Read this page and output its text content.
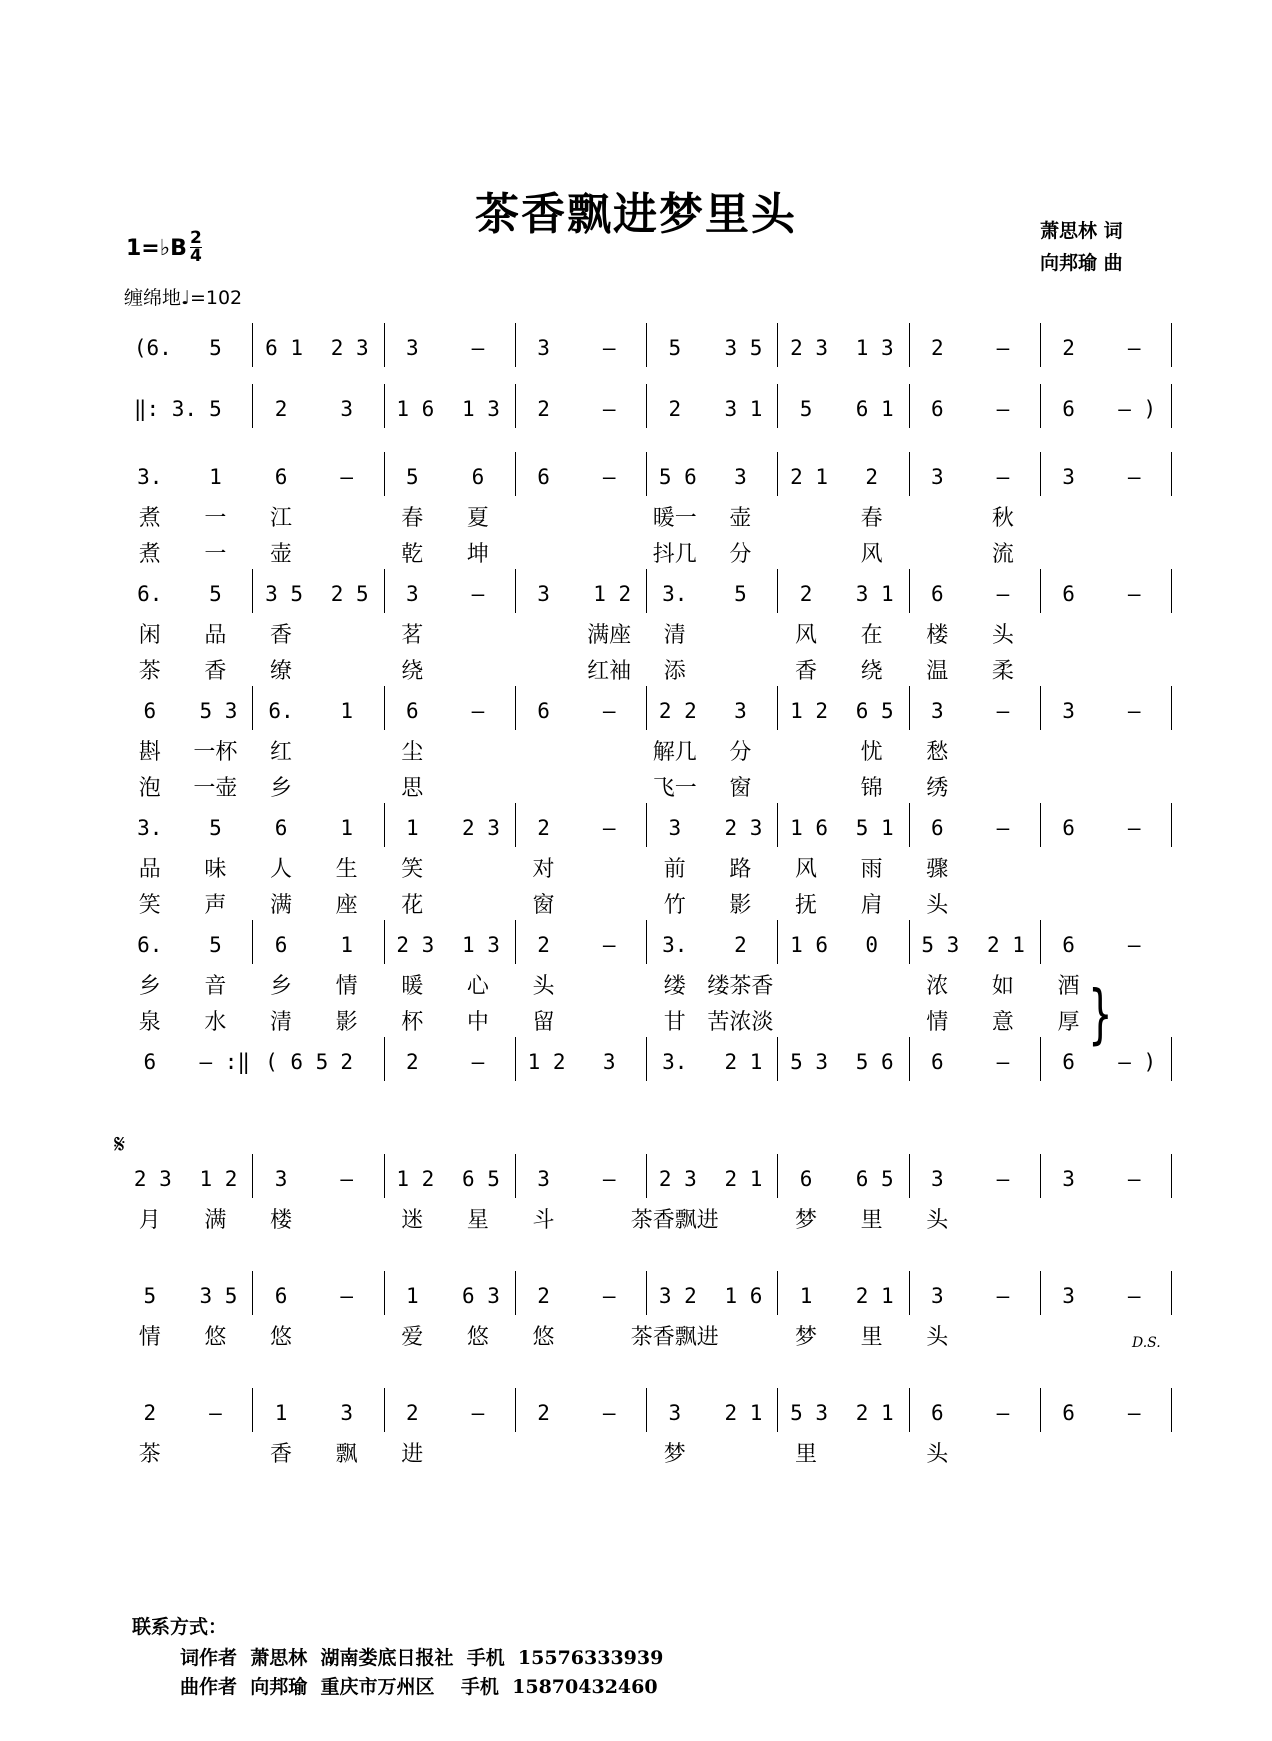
茶香飘进梦里头	萧思林 词
向邦瑜 曲
1=♭B 2
4
缠绵地♩=102
(6.	5	6 1 2 3	3	–	3	–	5	3 5 2 3 1 3	2	–	2	–
‖: 3. 5	2	3	1 6 1 3	2	–	2	3 1	5	6 1	6	–	6	– )
3.	1	6	–	5	6	6	–	5 6	3	2 1	2	3	–	3	–
煮	一	江	春	夏	暖一	壶	春	秋
煮	一	壶	乾	坤	抖几	分	风	流
6.	5	3 5 2 5	3	–	3	1 2 3.	5	2	3 1	6	–	6	–
闲	品	香	茗	满座	清	风	在	楼	头
茶	香	缭	绕	红袖	添	香	绕	温	柔
6	5 3 6.	1	6	–	6	–	2 2	3	1 2 6 5	3	–	3	–
斟	一杯	红	尘	解几	分	忧	愁
泡	一壶	乡	思	飞一	窗	锦	绣
3.	5	6	1	1	2 3	2	–	3	2 3 1 6 5 1	6	–	6	–
品	味	人	生	笑	对	前	路	风	雨	骤
笑	声	满	座	花	窗	竹	影	抚	肩	头
6.	5	6	1	2 3 1 3	2	–	3.	2	1 6	0	5 3 2 1	6	–
乡	音	乡	情	暖	心	头	缕 缕茶香	浓	如	酒
泉	水	清	影	杯	中	留	甘 苦浓淡	情	意	厚
6	– :‖ ( 6 5 2	2	–	1 2	3	3. 2 1 5 3 5 6	6	–	6	– )
2 3 1 2	3	–	1 2 6 5	3	–	2 3 2 1	6	6 5	3	–	3	–
月	满	楼	迷	星	斗	茶香飘进	梦	里	头
5	3 5	6	–	1	6 3	2	–	3 2 1 6	1	2 1	3	–	3	–
情	悠	悠	爱	悠	悠	茶香飘进	梦	里	头
2	–	1	3	2	–	2	–	3	2 1 5 3 2 1	6	–	6	–
茶	香	飘	进	梦	里	头
𝄋
D.S.
}
联系方式：
词作者  萧思林  湖南娄底日报社  手机  15576333939
曲作者  向邦瑜  重庆市万州区    手机  15870432460
